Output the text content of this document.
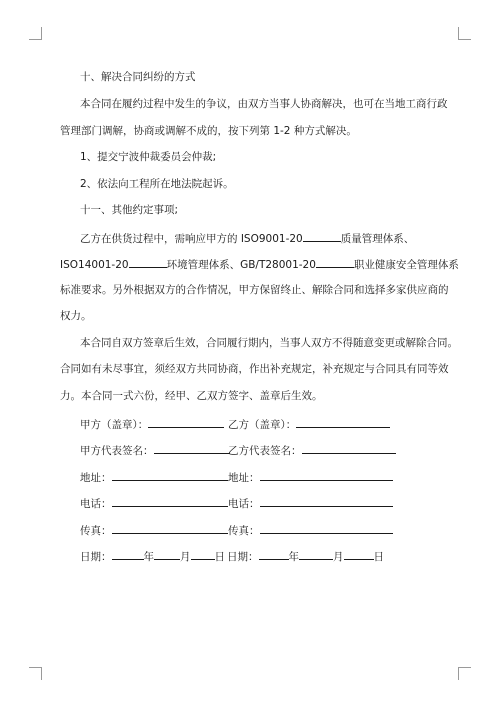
十、解决合同纠纷的方式
本合同在履约过程中发生的争议，由双方当事人协商解决，也可在当地工商行政
管理部门调解，协商或调解不成的，按下列第 1-2 种方式解决。
1、提交宁波仲裁委员会仲裁;
2、依法向工程所在地法院起诉。
十一、其他约定事项;
乙方在供货过程中，需响应甲方的 ISO9001-20	质量管理体系、
ISO14001-20	环境管理体系、GB/T28001-20	职业健康安全管理体系
标准要求。另外根据双方的合作情况，甲方保留终止、解除合同和选择多家供应商的
权力。
本合同自双方签章后生效，合同履行期内，当事人双方不得随意变更或解除合同。
合同如有未尽事宜，须经双方共同协商，作出补充规定，补充规定与合同具有同等效
力。本合同一式六份，经甲、乙双方签字、盖章后生效。
甲方（盖章）：	乙方（盖章）：
甲方代表签名：	乙方代表签名：
地址：	地址：
电话：	电话：
传真：	传真：
日期：	年 月 日 日期：	年	月	日
